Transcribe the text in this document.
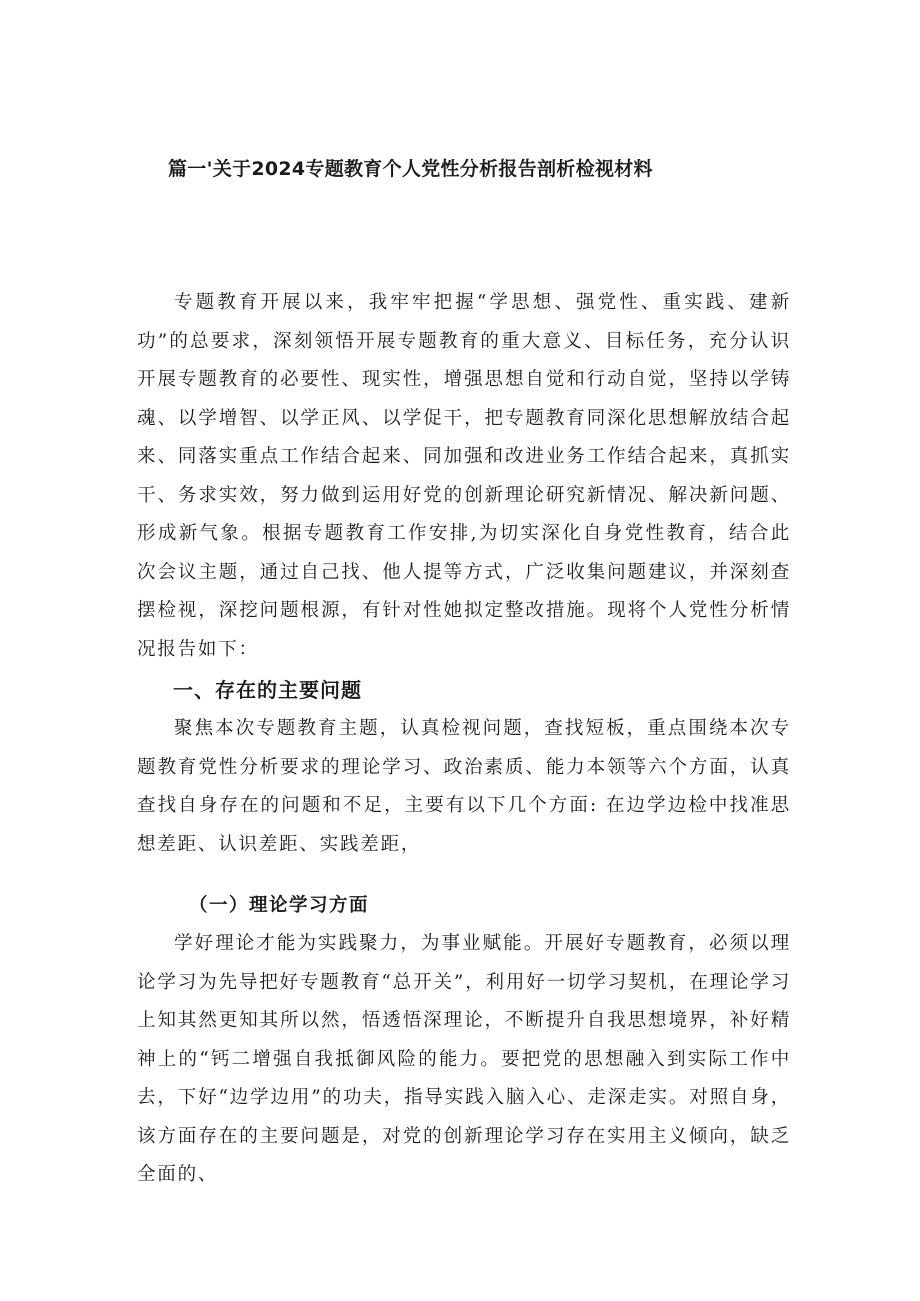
篇一'关于2024专题教育个人党性分析报告剖析检视材料

专题教育开展以来，我牢牢把握“学思想、强党性、重实践、建新功”的总要求，深刻领悟开展专题教育的重大意义、目标任务，充分认识开展专题教育的必要性、现实性，增强思想自觉和行动自觉，坚持以学铸魂、以学增智、以学正风、以学促干，把专题教育同深化思想解放结合起来、同落实重点工作结合起来、同加强和改进业务工作结合起来，真抓实干、务求实效，努力做到运用好党的创新理论研究新情况、解决新问题、形成新气象。根据专题教育工作安排,为切实深化自身党性教育，结合此次会议主题，通过自己找、他人提等方式，广泛收集问题建议，并深刻查摆检视，深挖问题根源，有针对性她拟定整改措施。现将个人党性分析情况报告如下：

一、存在的主要问题

聚焦本次专题教育主题，认真检视问题，查找短板，重点围绕本次专题教育党性分析要求的理论学习、政治素质、能力本领等六个方面，认真查找自身存在的问题和不足，主要有以下几个方面: 在边学边检中找准思想差距、认识差距、实践差距，

（一）理论学习方面

学好理论才能为实践聚力，为事业赋能。开展好专题教育，必须以理论学习为先导把好专题教育“总开关”，利用好一切学习契机，在理论学习上知其然更知其所以然，悟透悟深理论，不断提升自我思想境界，补好精神上的“钙二增强自我抵御风险的能力。要把党的思想融入到实际工作中去，下好“边学边用”的功夫，指导实践入脑入心、走深走实。对照自身，该方面存在的主要问题是，对党的创新理论学习存在实用主义倾向，缺乏全面的、
